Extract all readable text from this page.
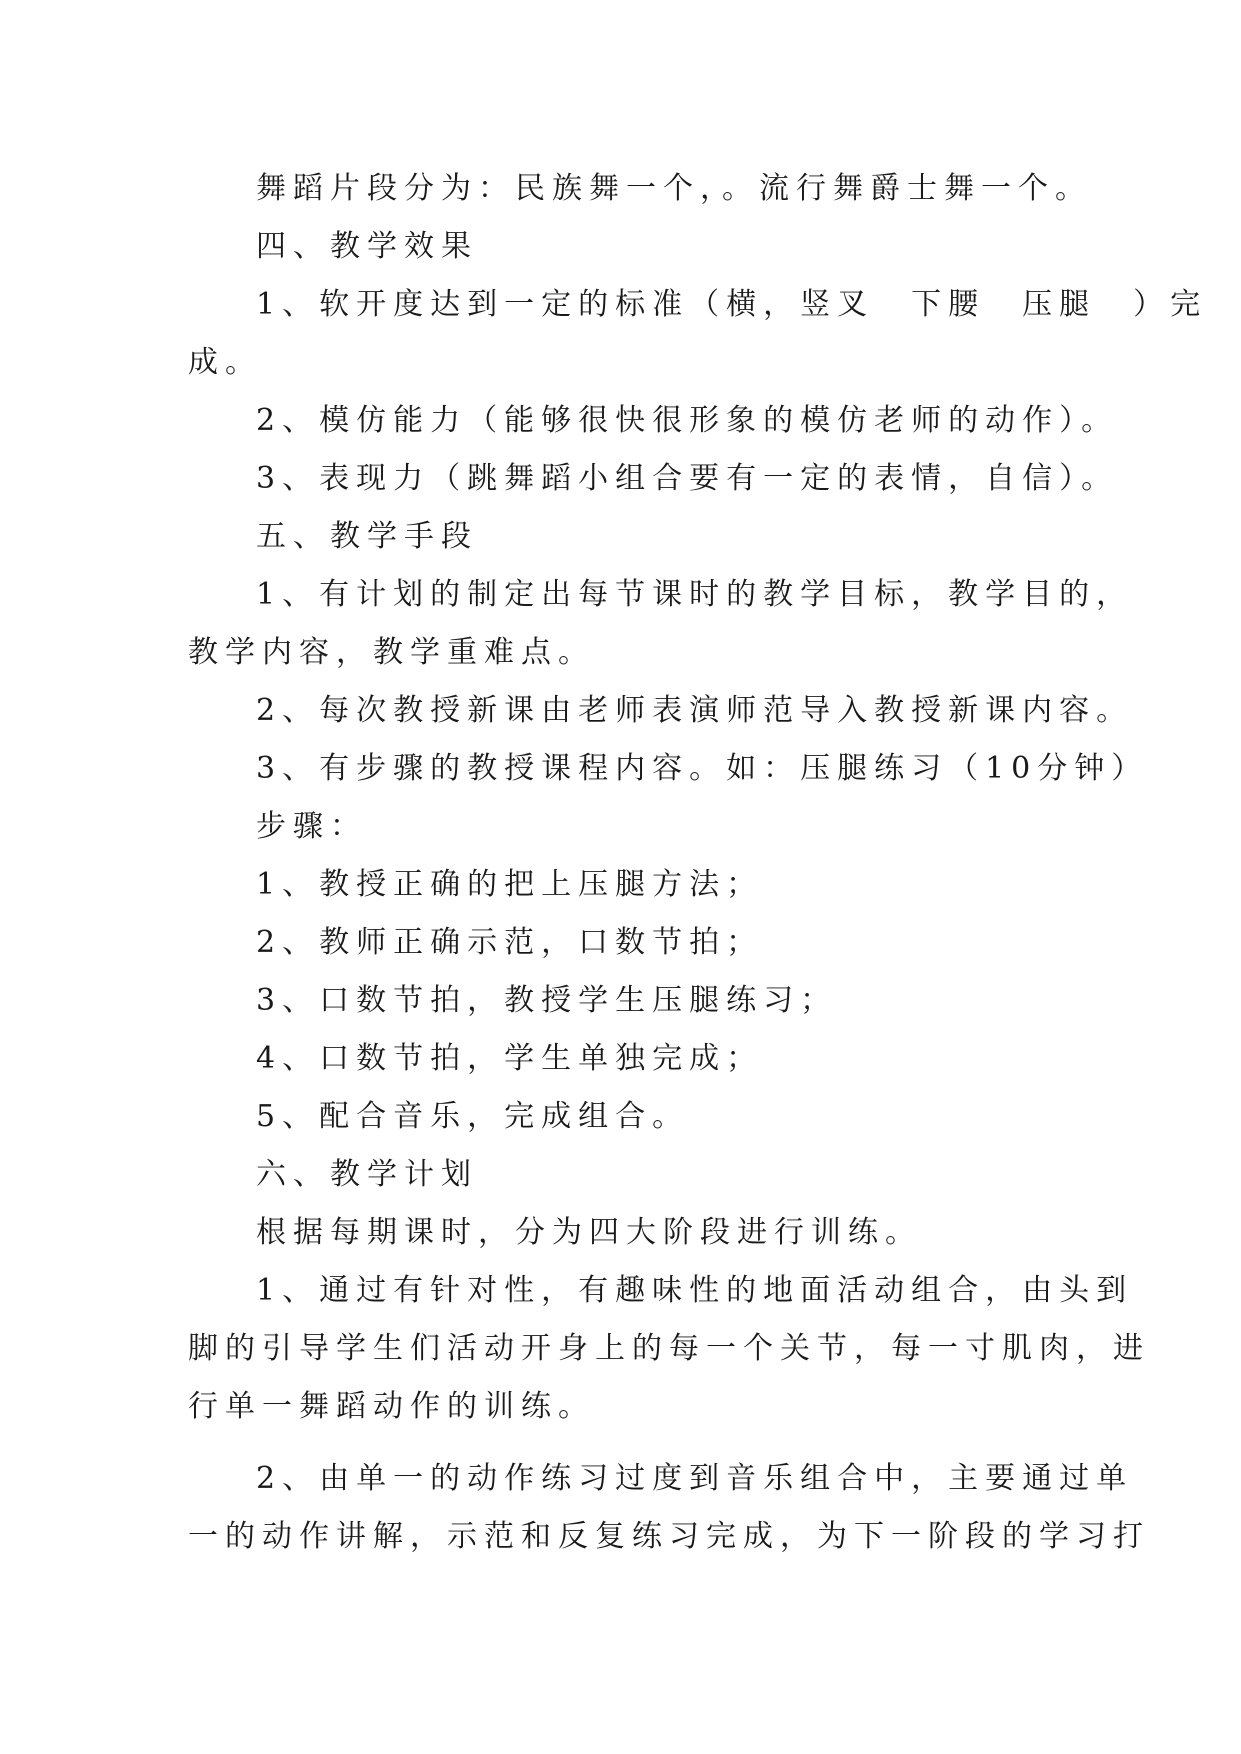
舞蹈片段分为：民族舞一个，。流行舞爵士舞一个。
四、教学效果
1、软开度达到一定的标准（横，竖叉　下腰　压腿　）完
成。
2、模仿能力（能够很快很形象的模仿老师的动作）。
3、表现力（跳舞蹈小组合要有一定的表情，自信）。
五、教学手段
1、有计划的制定出每节课时的教学目标，教学目的，
教学内容，教学重难点。
2、每次教授新课由老师表演师范导入教授新课内容。
3、有步骤的教授课程内容。如：压腿练习（10分钟）
步骤：
1、教授正确的把上压腿方法；
2、教师正确示范，口数节拍；
3、口数节拍，教授学生压腿练习；
4、口数节拍，学生单独完成；
5、配合音乐，完成组合。
六、教学计划
根据每期课时，分为四大阶段进行训练。
1、通过有针对性，有趣味性的地面活动组合，由头到
脚的引导学生们活动开身上的每一个关节，每一寸肌肉，进
行单一舞蹈动作的训练。
2、由单一的动作练习过度到音乐组合中，主要通过单
一的动作讲解，示范和反复练习完成，为下一阶段的学习打
